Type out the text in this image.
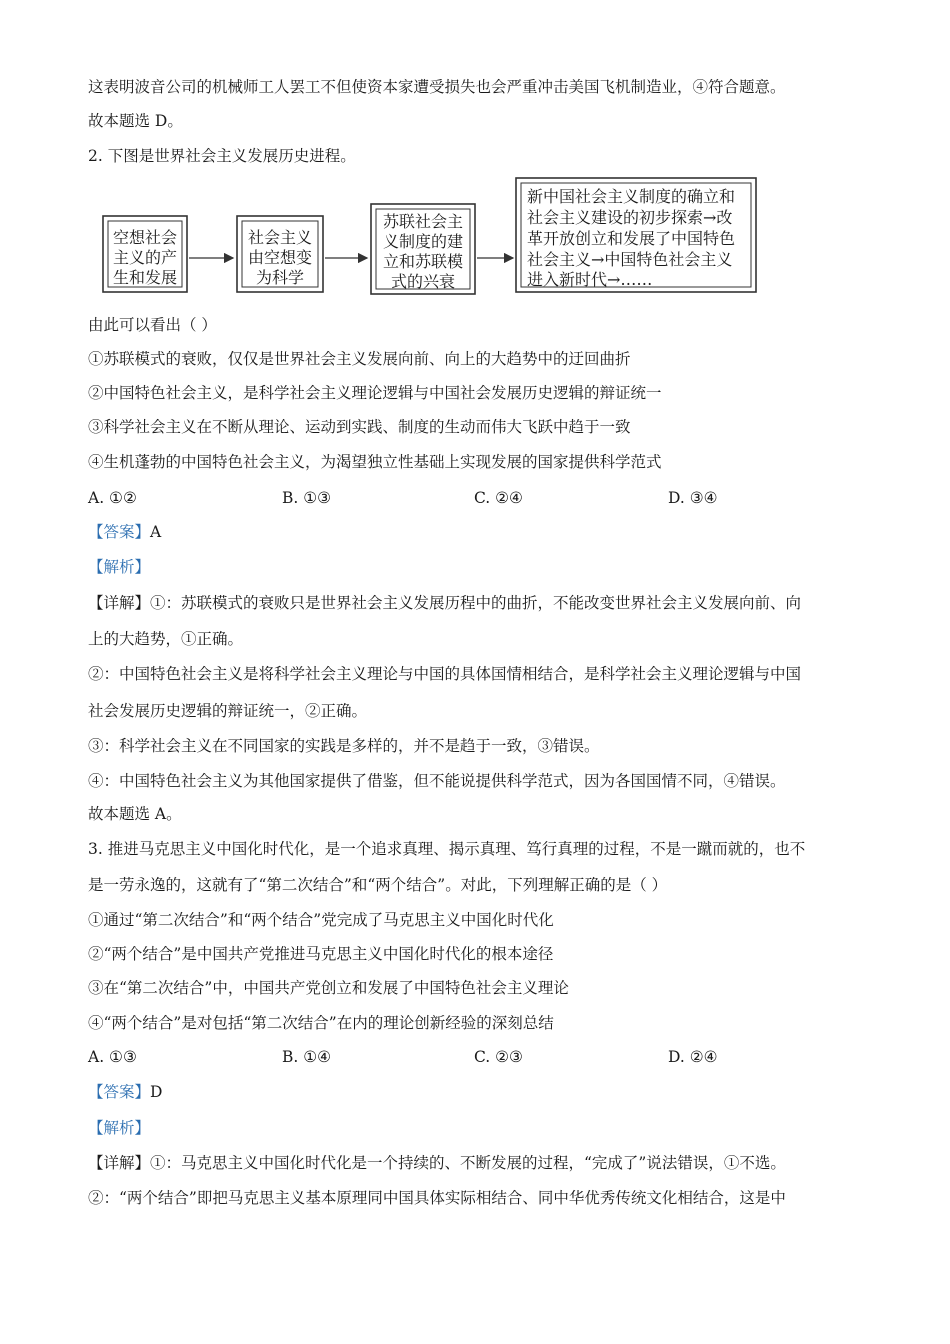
这表明波音公司的机械师工人罢工不但使资本家遭受损失也会严重冲击美国飞机制造业，④符合题意。
故本题选 D。
2. 下图是世界社会主义发展历史进程。
空想社会
主义的产
生和发展
社会主义
由空想变
为科学
苏联社会主
义制度的建
立和苏联模
式的兴衰
新中国社会主义制度的确立和
社会主义建设的初步探索→改
革开放创立和发展了中国特色
社会主义→中国特色社会主义
进入新时代→……
由此可以看出（ ）
①苏联模式的衰败，仅仅是世界社会主义发展向前、向上的大趋势中的迂回曲折
②中国特色社会主义，是科学社会主义理论逻辑与中国社会发展历史逻辑的辩证统一
③科学社会主义在不断从理论、运动到实践、制度的生动而伟大飞跃中趋于一致
④生机蓬勃的中国特色社会主义，为渴望独立性基础上实现发展的国家提供科学范式
A. ①②	B. ①③	C. ②④	D. ③④
【答案】A
【解析】
【详解】①：苏联模式的衰败只是世界社会主义发展历程中的曲折，不能改变世界社会主义发展向前、向
上的大趋势，①正确。
②：中国特色社会主义是将科学社会主义理论与中国的具体国情相结合，是科学社会主义理论逻辑与中国
社会发展历史逻辑的辩证统一，②正确。
③：科学社会主义在不同国家的实践是多样的，并不是趋于一致，③错误。
④：中国特色社会主义为其他国家提供了借鉴，但不能说提供科学范式，因为各国国情不同，④错误。
故本题选 A。
3. 推进马克思主义中国化时代化，是一个追求真理、揭示真理、笃行真理的过程，不是一蹴而就的，也不
是一劳永逸的，这就有了“第二次结合”和“两个结合”。对此，下列理解正确的是（ ）
①通过“第二次结合”和“两个结合”党完成了马克思主义中国化时代化
②“两个结合”是中国共产党推进马克思主义中国化时代化的根本途径
③在“第二次结合”中，中国共产党创立和发展了中国特色社会主义理论
④“两个结合”是对包括“第二次结合”在内的理论创新经验的深刻总结
A. ①③	B. ①④	C. ②③	D. ②④
【答案】D
【解析】
【详解】①：马克思主义中国化时代化是一个持续的、不断发展的过程，“完成了”说法错误，①不选。
②：“两个结合”即把马克思主义基本原理同中国具体实际相结合、同中华优秀传统文化相结合，这是中
